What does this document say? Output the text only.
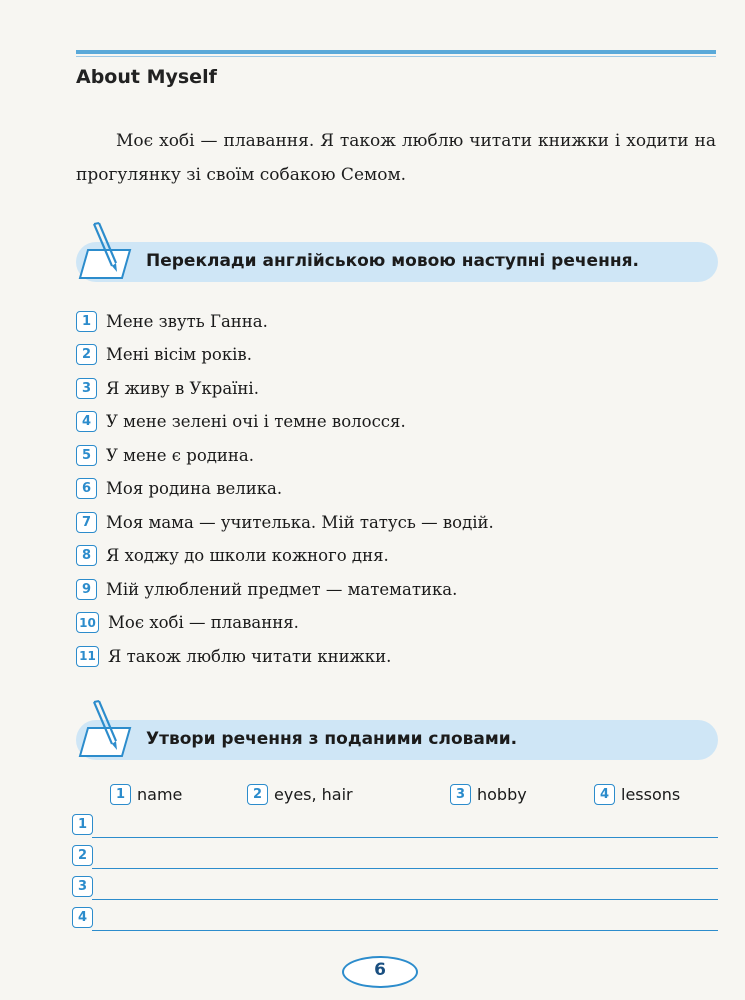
About Myself

Моє хобі — плавання. Я також люблю читати книжки і ходити на прогулянку зі своїм собакою Семом.

Переклади англійською мовою наступні речення.
1 Мене звуть Ганна.
2 Мені вісім років.
3 Я живу в Україні.
4 У мене зелені очі і темне волосся.
5 У мене є родина.
6 Моя родина велика.
7 Моя мама — учителька. Мій татусь — водій.
8 Я ходжу до школи кожного дня.
9 Мій улюблений предмет — математика.
10 Моє хобі — плавання.
11 Я також люблю читати книжки.
Утвори речення з поданими словами.
1 name	2 eyes, hair	3 hobby	4 lessons
1
2
3
4
6
